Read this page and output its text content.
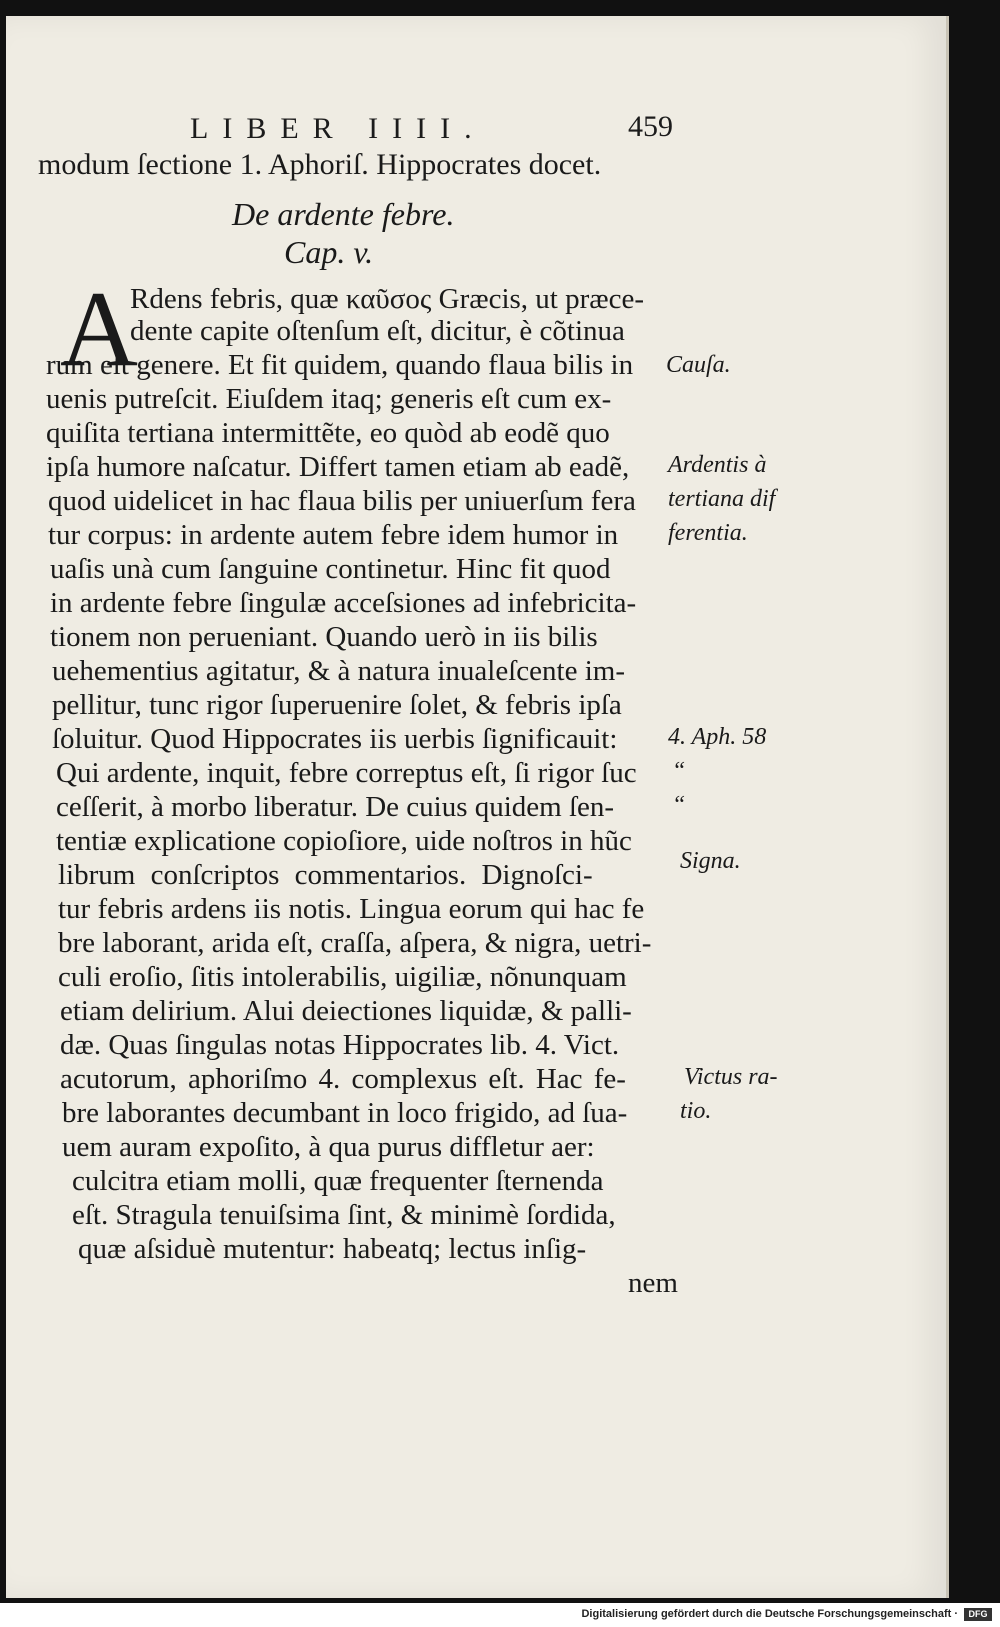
LIBER IIII.	459
modum ſectione 1. Aphoriſ. Hippocrates docet.
De ardente febre.
Cap. v.
A
Rdens febris, quæ καῦσος Græcis, ut præce-
dente capite oſtenſum eſt, dicitur, è cõtinua
rum eſt genere. Et fit quidem, quando flaua bilis in
uenis putreſcit. Eiuſdem itaq; generis eſt cum ex-
quiſita tertiana intermittẽte, eo quòd ab eodẽ quo
ipſa humore naſcatur. Differt tamen etiam ab eadẽ,
quod uidelicet in hac flaua bilis per uniuerſum fera
tur corpus: in ardente autem febre idem humor in
uaſis unà cum ſanguine continetur. Hinc fit quod
in ardente febre ſingulæ acceſsiones ad infebricita-
tionem non perueniant. Quando uerò in iis bilis
uehementius agitatur, & à natura inualeſcente im-
pellitur, tunc rigor ſuperuenire ſolet, & febris ipſa
ſoluitur. Quod Hippocrates iis uerbis ſignificauit:
Qui ardente, inquit, febre correptus eſt, ſi rigor ſuc
ceſſerit, à morbo liberatur. De cuius quidem ſen-
tentiæ explicatione copioſiore, uide noſtros in hũc
librum conſcriptos commentarios. Dignoſci-
tur febris ardens iis notis. Lingua eorum qui hac fe
bre laborant, arida eſt, craſſa, aſpera, & nigra, uetri-
culi eroſio, ſitis intolerabilis, uigiliæ, nõnunquam
etiam delirium. Alui deiectiones liquidæ, & palli-
dæ. Quas ſingulas notas Hippocrates lib. 4. Vict.
acutorum, aphoriſmo 4. complexus eſt. Hac fe-
bre laborantes decumbant in loco frigido, ad ſua-
uem auram expoſito, à qua purus diffletur aer:
culcitra etiam molli, quæ frequenter ſternenda
eſt. Stragula tenuiſsima ſint, & minimè ſordida,
quæ aſsiduè mutentur: habeatq; lectus inſig-
nem
Cauſa.
Ardentis à
tertiana dif
ferentia.
4. Aph. 58
“
“
Signa.
Victus ra-
tio.
Digitalisierung gefördert durch die Deutsche Forschungsgemeinschaft ·	DFG
